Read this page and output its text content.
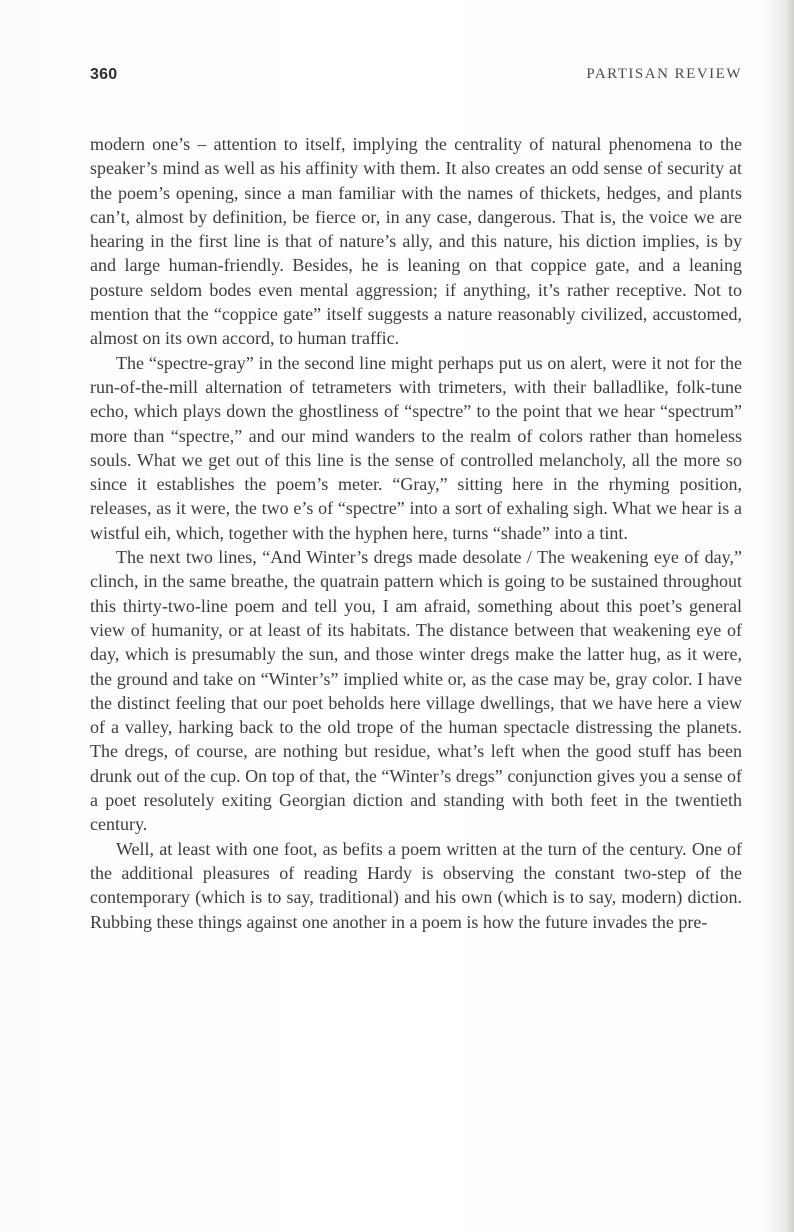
360	PARTISAN REVIEW

modern one’s – attention to itself, implying the centrality of natural phenomena to the speaker’s mind as well as his affinity with them. It also creates an odd sense of security at the poem’s opening, since a man familiar with the names of thickets, hedges, and plants can’t, almost by definition, be fierce or, in any case, dangerous. That is, the voice we are hearing in the first line is that of nature’s ally, and this nature, his diction implies, is by and large human-friendly. Besides, he is leaning on that coppice gate, and a leaning posture seldom bodes even mental aggression; if anything, it’s rather receptive. Not to mention that the “coppice gate” itself suggests a nature reasonably civilized, accustomed, almost on its own accord, to human traffic.

The “spectre-gray” in the second line might perhaps put us on alert, were it not for the run-of-the-mill alternation of tetrameters with trimeters, with their balladlike, folk-tune echo, which plays down the ghostliness of “spectre” to the point that we hear “spectrum” more than “spectre,” and our mind wanders to the realm of colors rather than homeless souls. What we get out of this line is the sense of controlled melancholy, all the more so since it establishes the poem’s meter. “Gray,” sitting here in the rhyming position, releases, as it were, the two e’s of “spectre” into a sort of exhaling sigh. What we hear is a wistful eih, which, together with the hyphen here, turns “shade” into a tint.

The next two lines, “And Winter’s dregs made desolate / The weakening eye of day,” clinch, in the same breathe, the quatrain pattern which is going to be sustained throughout this thirty-two-line poem and tell you, I am afraid, something about this poet’s general view of humanity, or at least of its habitats. The distance between that weakening eye of day, which is presumably the sun, and those winter dregs make the latter hug, as it were, the ground and take on “Winter’s” implied white or, as the case may be, gray color. I have the distinct feeling that our poet beholds here village dwellings, that we have here a view of a valley, harking back to the old trope of the human spectacle distressing the planets. The dregs, of course, are nothing but residue, what’s left when the good stuff has been drunk out of the cup. On top of that, the “Winter’s dregs” conjunction gives you a sense of a poet resolutely exiting Georgian diction and standing with both feet in the twentieth century.

Well, at least with one foot, as befits a poem written at the turn of the century. One of the additional pleasures of reading Hardy is observing the constant two-step of the contemporary (which is to say, traditional) and his own (which is to say, modern) diction. Rubbing these things against one another in a poem is how the future invades the pre-
